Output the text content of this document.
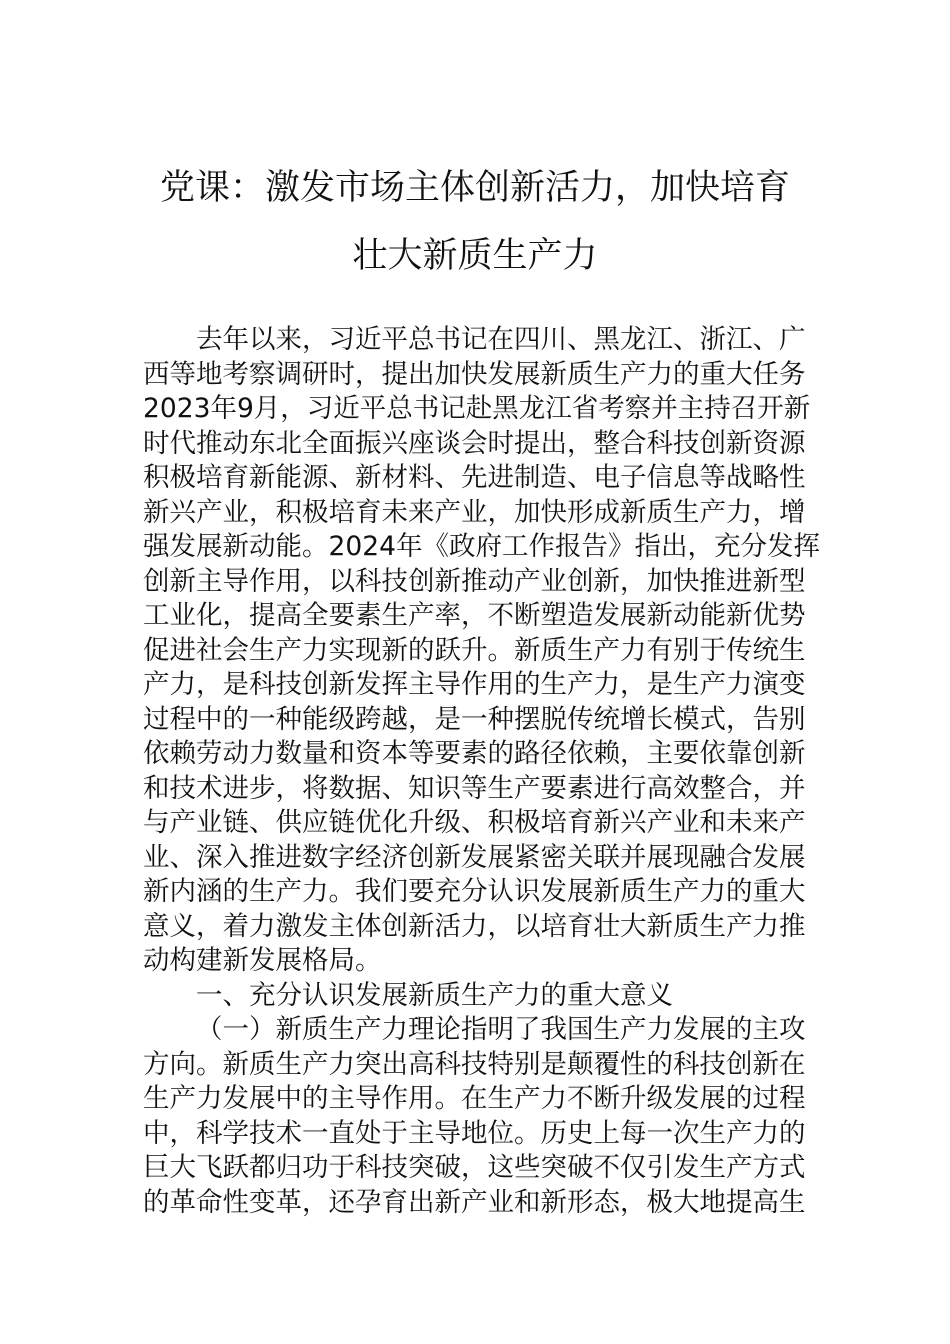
党课：激发市场主体创新活力，加快培育
壮大新质生产力
去年以来，习近平总书记在四川、黑龙江、浙江、广
西等地考察调研时，提出加快发展新质生产力的重大任务
2023年9月，习近平总书记赴黑龙江省考察并主持召开新
时代推动东北全面振兴座谈会时提出，整合科技创新资源
积极培育新能源、新材料、先进制造、电子信息等战略性
新兴产业，积极培育未来产业，加快形成新质生产力，增
强发展新动能。2024年《政府工作报告》指出，充分发挥
创新主导作用，以科技创新推动产业创新，加快推进新型
工业化，提高全要素生产率，不断塑造发展新动能新优势
促进社会生产力实现新的跃升。新质生产力有别于传统生
产力，是科技创新发挥主导作用的生产力，是生产力演变
过程中的一种能级跨越，是一种摆脱传统增长模式，告别
依赖劳动力数量和资本等要素的路径依赖，主要依靠创新
和技术进步，将数据、知识等生产要素进行高效整合，并
与产业链、供应链优化升级、积极培育新兴产业和未来产
业、深入推进数字经济创新发展紧密关联并展现融合发展
新内涵的生产力。我们要充分认识发展新质生产力的重大
意义，着力激发主体创新活力，以培育壮大新质生产力推
动构建新发展格局。
一、充分认识发展新质生产力的重大意义
（一）新质生产力理论指明了我国生产力发展的主攻
方向。新质生产力突出高科技特别是颠覆性的科技创新在
生产力发展中的主导作用。在生产力不断升级发展的过程
中，科学技术一直处于主导地位。历史上每一次生产力的
巨大飞跃都归功于科技突破，这些突破不仅引发生产方式
的革命性变革，还孕育出新产业和新形态，极大地提高生
